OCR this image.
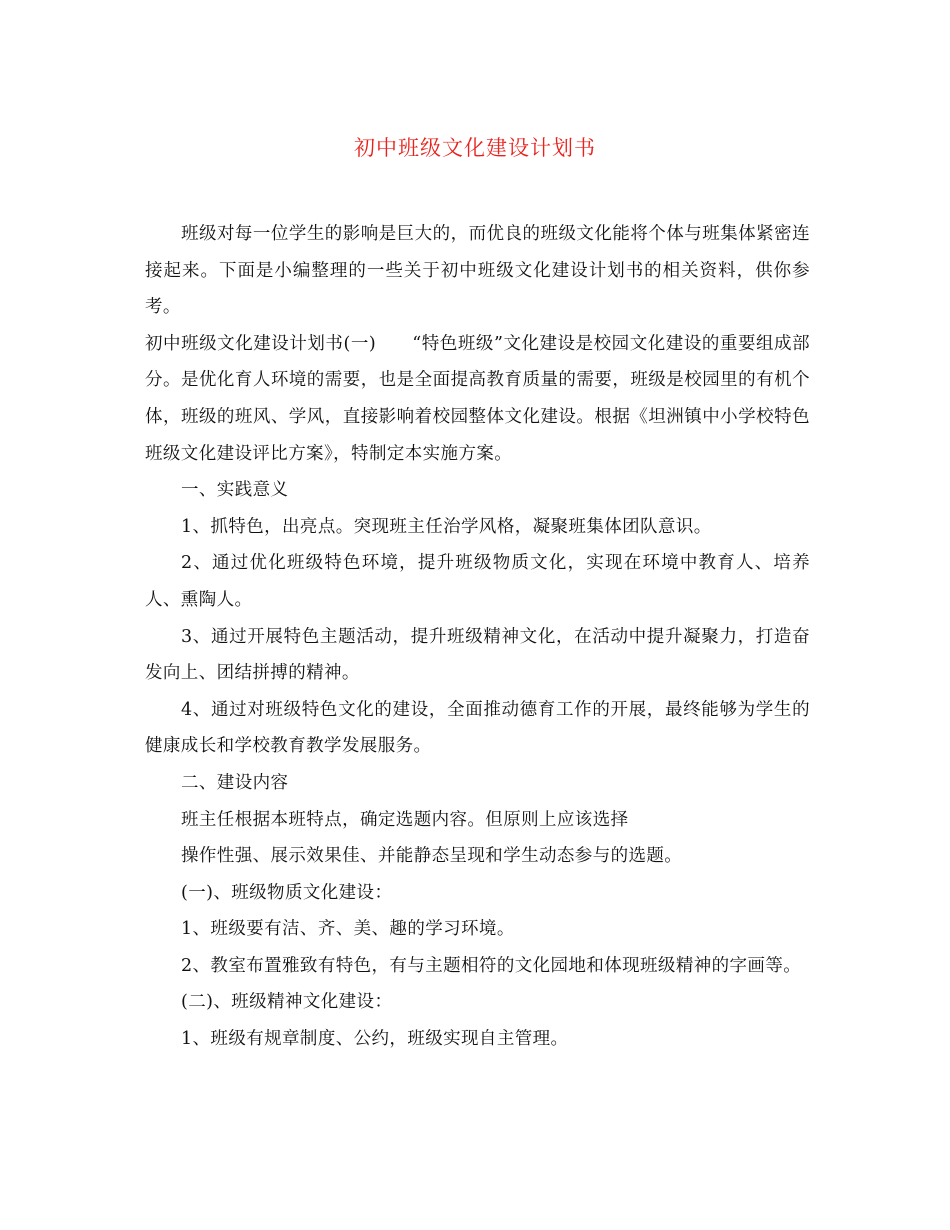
初中班级文化建设计划书

班级对每一位学生的影响是巨大的，而优良的班级文化能将个体与班集体紧密连接起来。下面是小编整理的一些关于初中班级文化建设计划书的相关资料，供你参考。

初中班级文化建设计划书(一)　　“特色班级”文化建设是校园文化建设的重要组成部分。是优化育人环境的需要，也是全面提高教育质量的需要，班级是校园里的有机个体，班级的班风、学风，直接影响着校园整体文化建设。根据《坦洲镇中小学校特色班级文化建设评比方案》，特制定本实施方案。

一、实践意义

1、抓特色，出亮点。突现班主任治学风格，凝聚班集体团队意识。

2、通过优化班级特色环境，提升班级物质文化，实现在环境中教育人、培养人、熏陶人。

3、通过开展特色主题活动，提升班级精神文化，在活动中提升凝聚力，打造奋发向上、团结拼搏的精神。

4、通过对班级特色文化的建设，全面推动德育工作的开展，最终能够为学生的健康成长和学校教育教学发展服务。

二、建设内容

班主任根据本班特点，确定选题内容。但原则上应该选择

操作性强、展示效果佳、并能静态呈现和学生动态参与的选题。

(一)、班级物质文化建设：

1、班级要有洁、齐、美、趣的学习环境。

2、教室布置雅致有特色，有与主题相符的文化园地和体现班级精神的字画等。

(二)、班级精神文化建设：

1、班级有规章制度、公约，班级实现自主管理。
